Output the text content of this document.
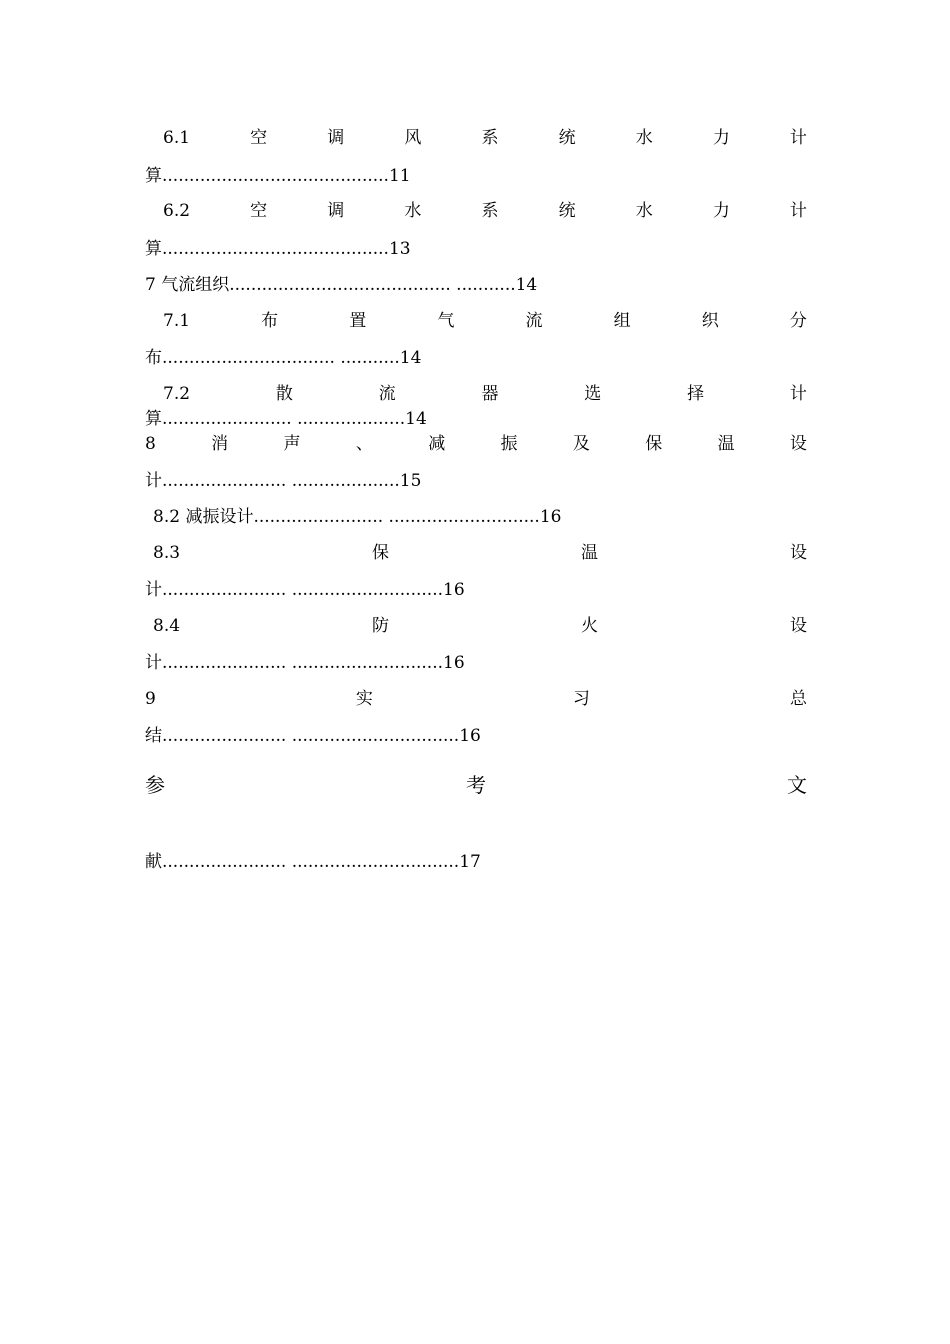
6.1	空	调	风	系	统	水	力	计
算..........................................11
6.2	空	调	水	系	统	水	力	计
算..........................................13
7 气流组织......................................... ...........14
7.1	布	置	气	流	组	织	分
布................................ ...........14
7.2	散	流	器	选	择	计
算........................ ....................14
8	消	声	、	减	振	及	保	温	设
计....................... ....................15
8.2 减振设计........................ ............................16
8.3	保	温	设
计....................... ............................16
8.4	防	火	设
计....................... ............................16
9	实	习	总
结....................... ...............................16
参	考	文
献....................... ...............................17
